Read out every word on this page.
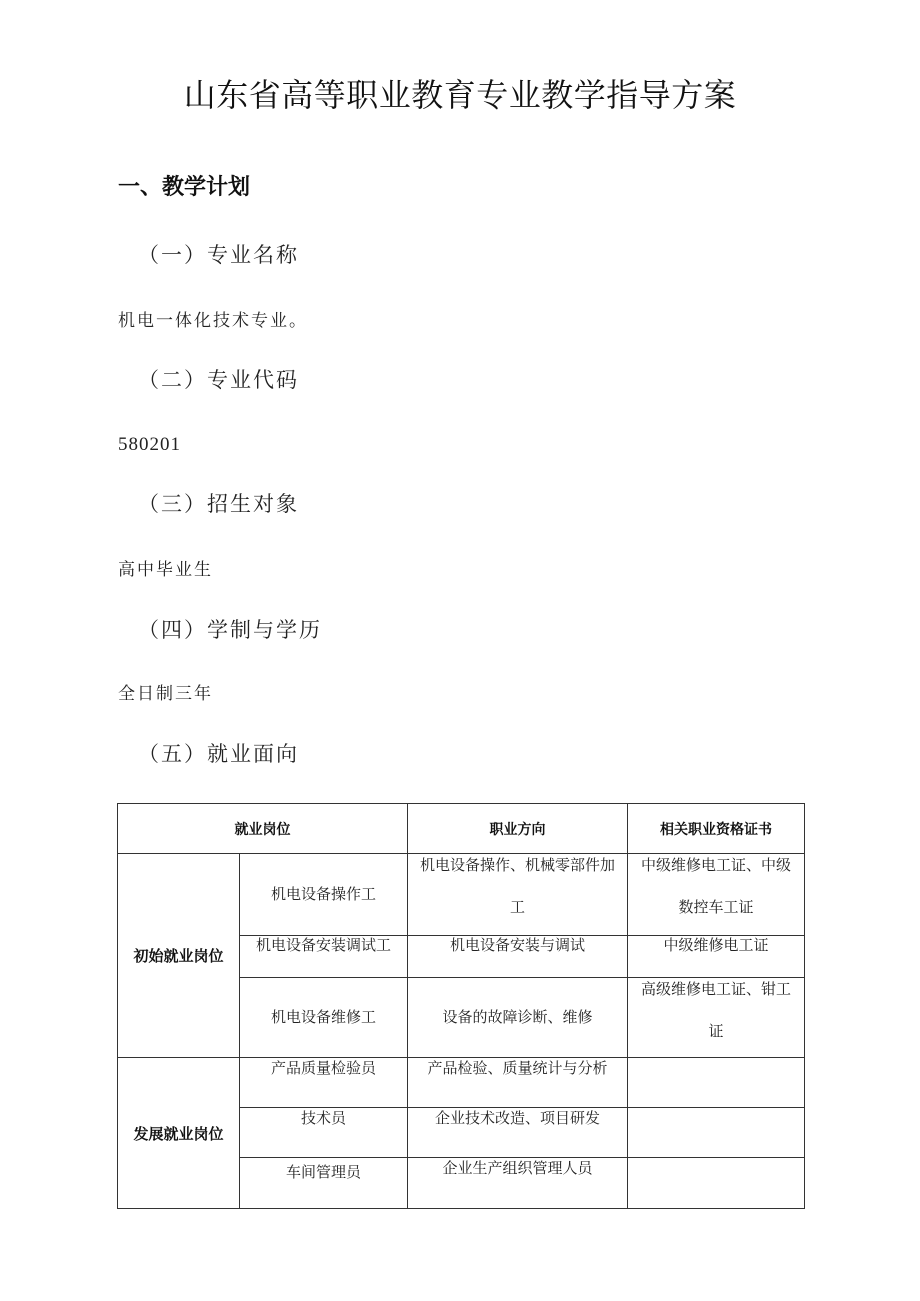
山东省高等职业教育专业教学指导方案
一、教学计划
（一）专业名称
机电一体化技术专业。
（二）专业代码
580201
（三）招生对象
高中毕业生
（四）学制与学历
全日制三年
（五）就业面向
就业岗位		职业方向	相关职业资格证书
初始就业岗位	机电设备操作工	机电设备操作、机械零部件加工	中级维修电工证、中级数控车工证

	机电设备安装调试工	机电设备安装与调试	中级维修电工证
	机电设备维修工	设备的故障诊断、维修	高级维修电工证、钳工证

发展就业岗位	产品质量检验员	产品检验、质量统计与分析	
	技术员	企业技术改造、项目研发	
	车间管理员	企业生产组织管理人员	
